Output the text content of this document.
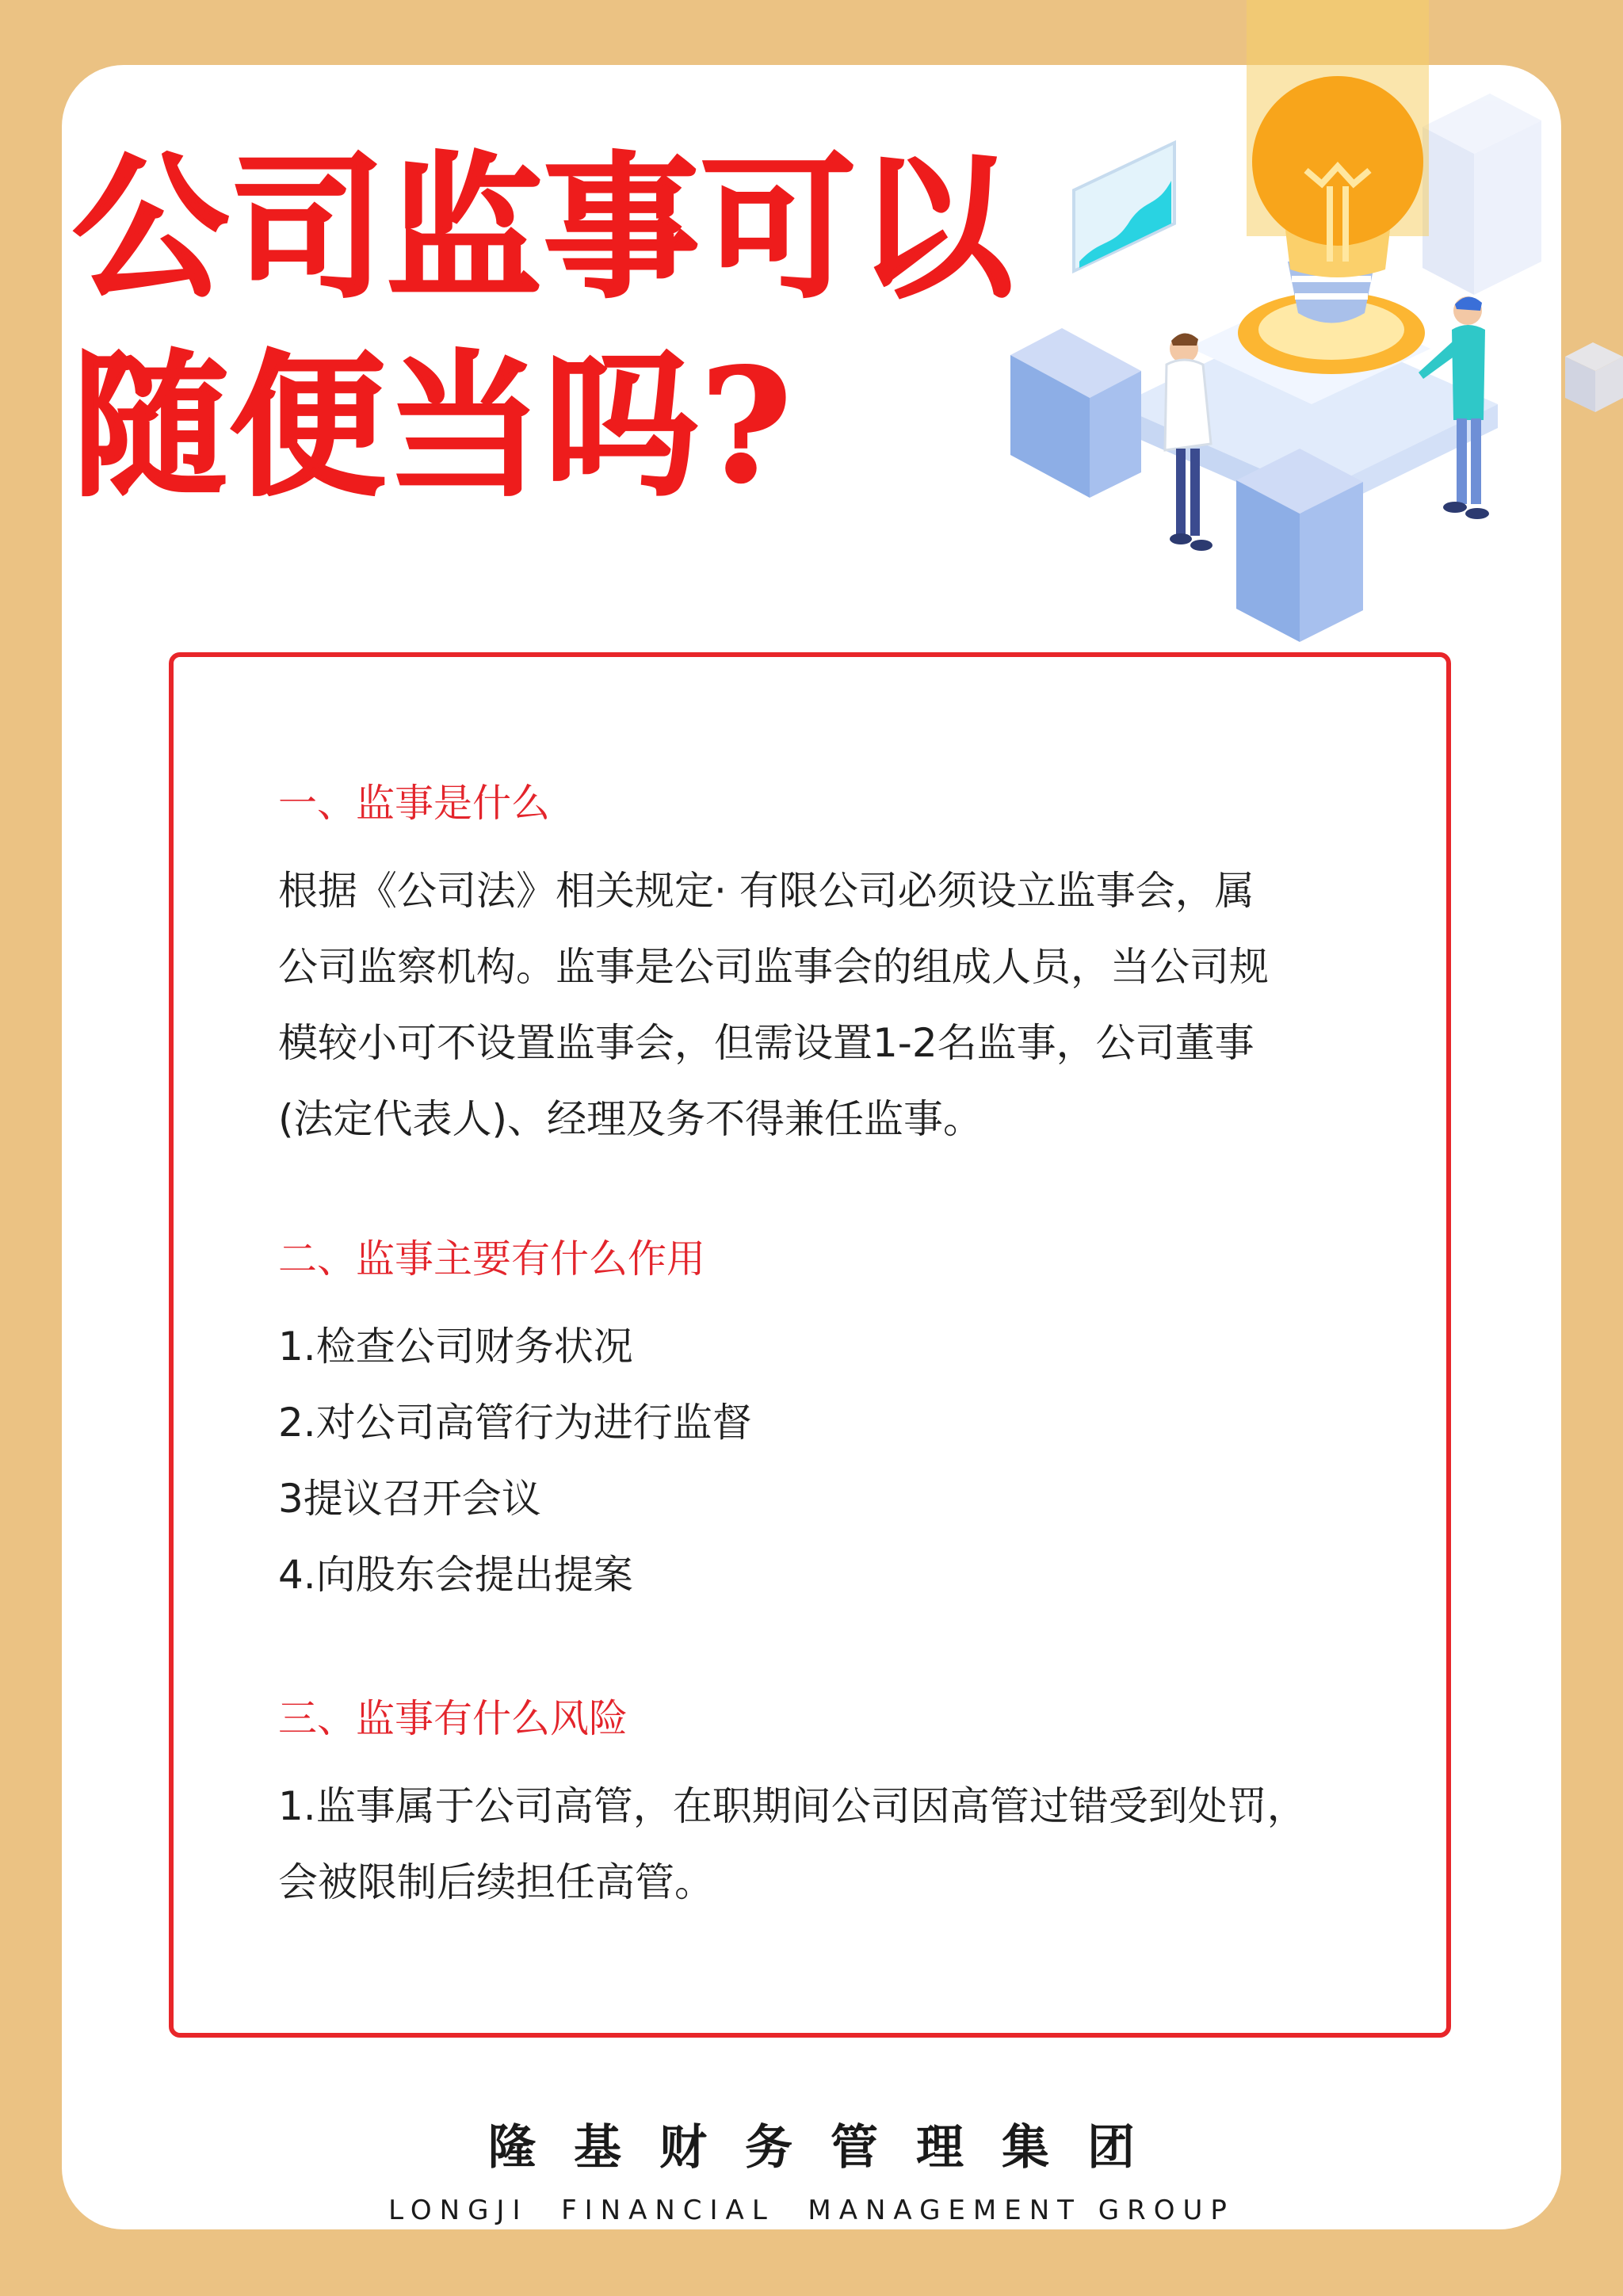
公司监事可以
随便当吗?
一、监事是什么

根据《公司法》相关规定· 有限公司必须设立监事会，属

公司监察机构。监事是公司监事会的组成人员，当公司规

模较小可不设置监事会，但需设置1-2名监事，公司董事

(法定代表人)、经理及务不得兼任监事。

二、监事主要有什么作用

1.检查公司财务状况

2.对公司高管行为进行监督

3提议召开会议

4.向股东会提出提案

三、监事有什么风险

1.监事属于公司高管，在职期间公司因高管过错受到处罚，

会被限制后续担任高管。

隆基财务管理集团
LONGJI  FINANCIAL  MANAGEMENT GROUP
